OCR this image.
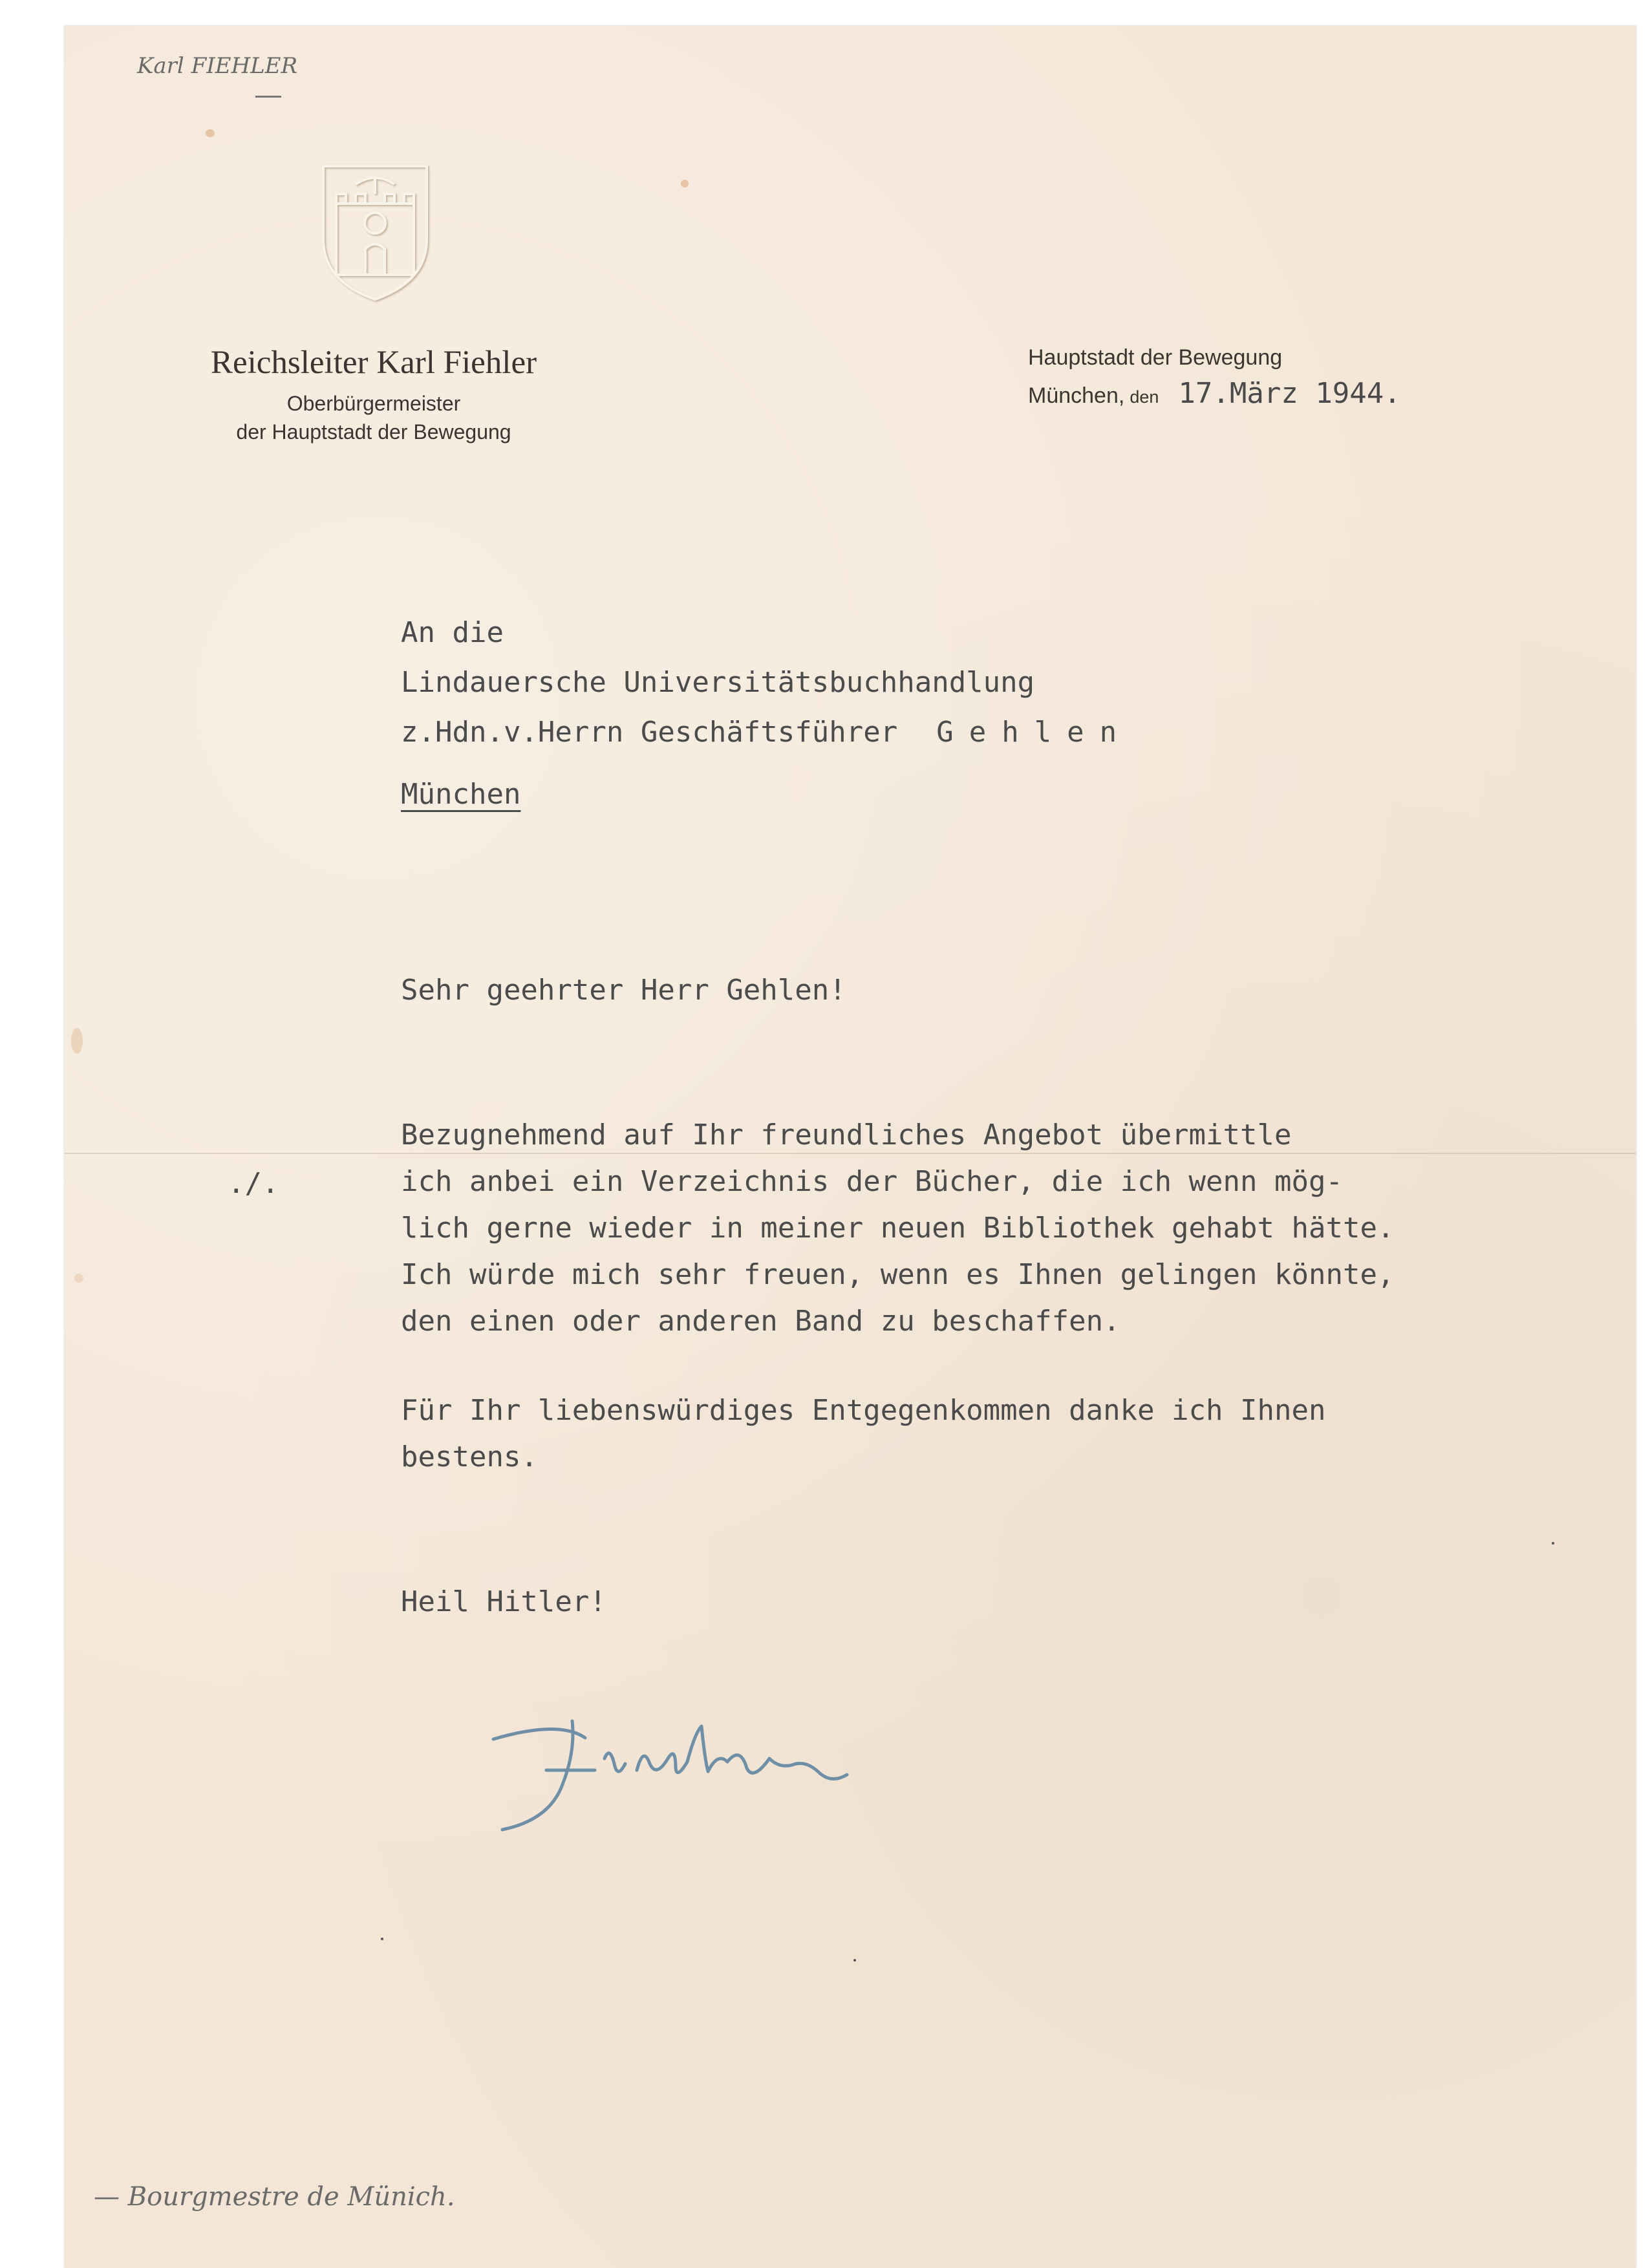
Karl FIEHLER
Reichsleiter Karl Fiehler
Oberbürgermeister
der Hauptstadt der Bewegung
Hauptstadt der Bewegung
München, den 17.März 1944.
An die
Lindauersche Universitätsbuchhandlung
z.Hdn.v.Herrn Geschäftsführer Gehlen
München
Sehr geehrter Herr Gehlen!
./.
Bezugnehmend auf Ihr freundliches Angebot übermittle
ich anbei ein Verzeichnis der Bücher, die ich wenn mög-
lich gerne wieder in meiner neuen Bibliothek gehabt hätte.
Ich würde mich sehr freuen, wenn es Ihnen gelingen könnte,
den einen oder anderen Band zu beschaffen.
Für Ihr liebenswürdiges Entgegenkommen danke ich Ihnen
bestens.
Heil Hitler!
— Bourgmestre de Münich.
